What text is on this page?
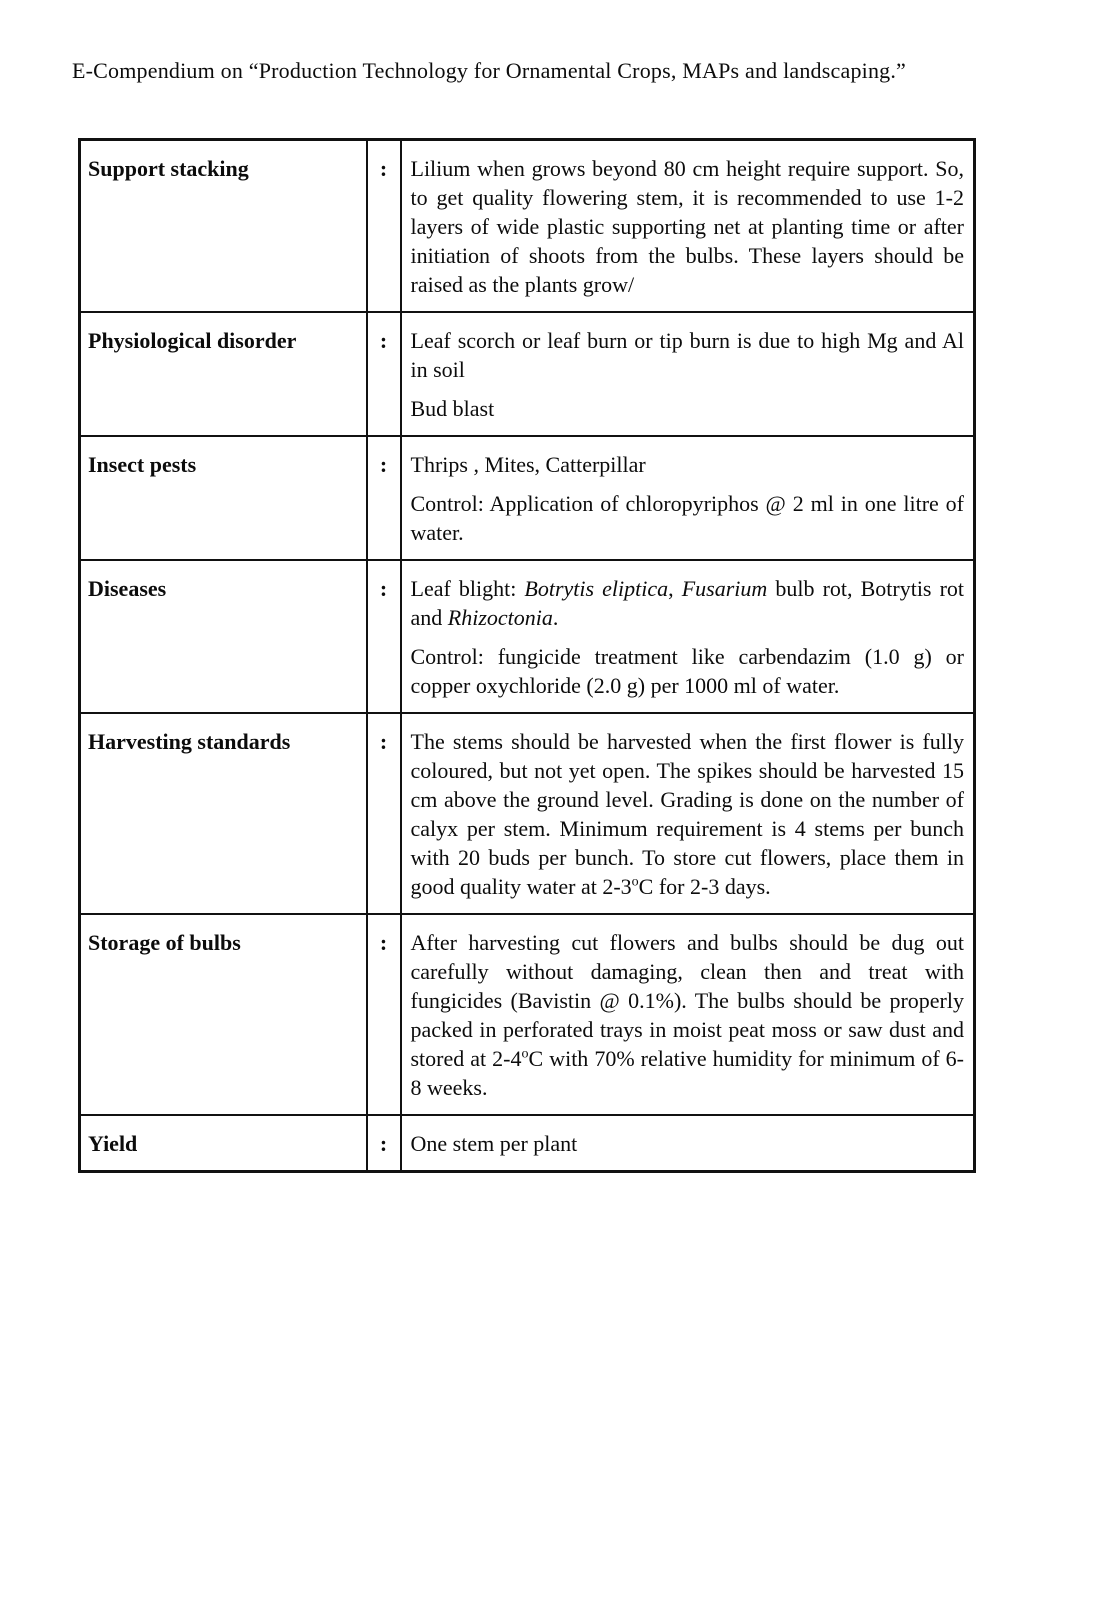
E-Compendium on “Production Technology for Ornamental Crops, MAPs and landscaping.”
Support stacking	:	Lilium when grows beyond 80 cm height require support. So, to get quality flowering stem, it is recommended to use 1-2 layers of wide plastic supporting net at planting time or after initiation of shoots from the bulbs. These layers should be raised as the plants grow/

Physiological disorder	:	Leaf scorch or leaf burn or tip burn is due to high Mg and Al in soil

Bud blast

Insect pests	:	Thrips , Mites, Catterpillar

Control: Application of chloropyriphos @ 2 ml in one litre of water.

Diseases	:	Leaf blight: Botrytis eliptica, Fusarium bulb rot, Botrytis rot and Rhizoctonia.

Control: fungicide treatment like carbendazim (1.0 g) or copper oxychloride (2.0 g) per 1000 ml of water.

Harvesting standards	:	The stems should be harvested when the first flower is fully coloured, but not yet open. The spikes should be harvested 15 cm above the ground level. Grading is done on the number of calyx per stem. Minimum requirement is 4 stems per bunch with 20 buds per bunch. To store cut flowers, place them in good quality water at 2-3$^o$C for 2-3 days.

Storage of bulbs	:	After harvesting cut flowers and bulbs should be dug out carefully without damaging, clean then and treat with fungicides (Bavistin @ 0.1%). The bulbs should be properly packed in perforated trays in moist peat moss or saw dust and stored at 2-4$^o$C with 70% relative humidity for minimum of 6-8 weeks.

Yield	:	One stem per plant
